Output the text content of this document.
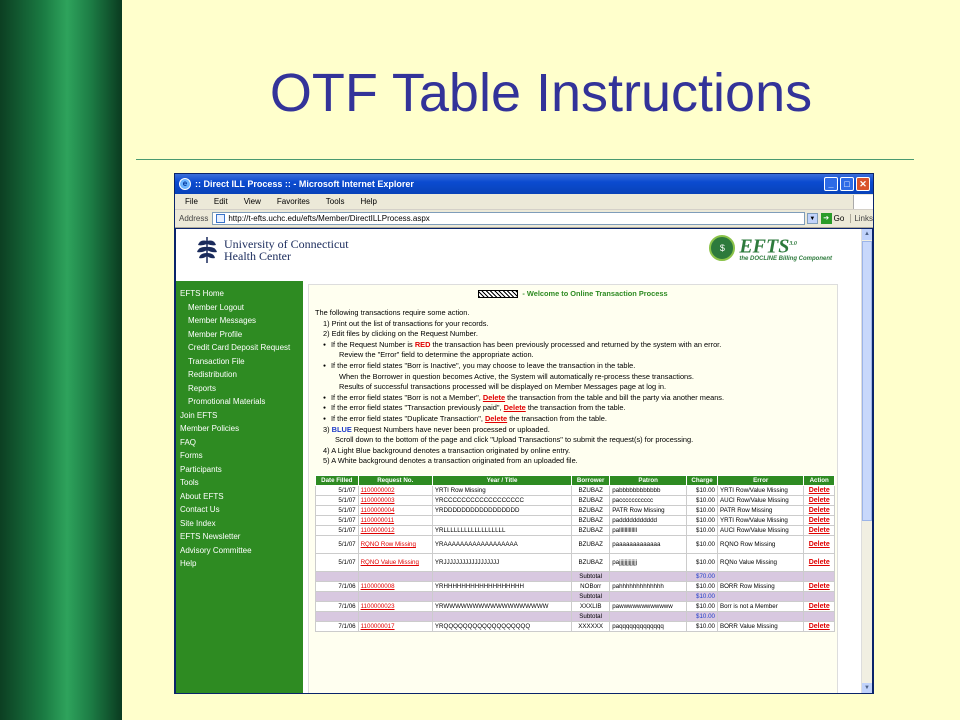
OTF Table Instructions
e :: Direct ILL Process :: - Microsoft Internet Explorer	_	□	✕
File	Edit	View	Favorites	Tools	Help
Address	http://t-efts.uchc.edu/efts/Member/DirectILLProcess.aspx	▼	➔ Go	Links
University of Connecticut
Health Center
$ $EFTS^{3.0}$
the DOCLINE Billing Component
EFTS Home
Member Logout
Member Messages
Member Profile
Credit Card Deposit Request
Transaction File
Redistribution
Reports
Promotional Materials
Join EFTS
Member Policies
FAQ
Forms
Participants
Tools
About EFTS
Contact Us
Site Index
EFTS Newsletter
Advisory Committee
Help
- Welcome to Online Transaction Process
The following transactions require some action.
1) Print out the list of transactions for your records.
2) Edit files by clicking on the Request Number.
● If the Request Number is RED the transaction has been previously processed and returned by the system with an error.
Review the "Error" field to determine the appropriate action.
● If the error field states "Borr is Inactive", you may choose to leave the transaction in the table.
When the Borrower in question becomes Active, the System will automatically re-process these transactions.
Results of successful transactions processed will be displayed on Member Messages page at log in.
● If the error field states "Borr is not a Member", Delete the transaction from the table and bill the party via another means.
● If the error field states "Transaction previously paid", Delete the transaction from the table.
● If the error field states "Duplicate Transaction", Delete the transaction from the table.
3) BLUE Request Numbers have never been processed or uploaded.
Scroll down to the bottom of the page and click "Upload Transactions" to submit the request(s) for processing.
4) A Light Blue background denotes a transaction originated by online entry.
5) A White background denotes a transaction originated from an uploaded file.
Date Filled	Request No.	Year / Title	Borrower	Patron	Charge	Error	Action
5/1/07	1100000002	YRTI Row Missing	BZUBAZ	pabbbbbbbbbbbb	$10.00	YRTI Row/Value Missing	Delete
5/1/07	1100000003	YRCCCCCCCCCCCCCCCCCC	BZUBAZ	paccccccccccc	$10.00	AUCI Row/Value Missing	Delete
5/1/07	1100000004	YRDDDDDDDDDDDDDDDDD	BZUBAZ	PATR Row Missing	$10.00	PATR Row Missing	Delete
5/1/07	1100000011		BZUBAZ	paddddddddddd	$10.00	YRTI Row/Value Missing	Delete
5/1/07	1100000012	YRLLLLLLLLLLLLLLLLLL	BZUBAZ	palllllllllllll	$10.00	AUCI Row/Value Missing	Delete
5/1/07	RQNO Row Missing	YRAAAAAAAAAAAAAAAAAA	BZUBAZ	paaaaaaaaaaaaa	$10.00	RQNO Row Missing	Delete
5/1/07	RQNO Value Missing	YRJJJJJJJJJJJJJJJJJJ	BZUBAZ	pajjjjjjjjjjjjj	$10.00	RQNo Value Missing	Delete
			Subtotal		$70.00		
7/1/06	1100000008	YRHHHHHHHHHHHHHHHHHH	NOBorr	pahhhhhhhhhhhhh	$10.00	BORR Row Missing	Delete
			Subtotal		$10.00		
7/1/06	1100000023	YRWWWWWWWWWWWWWWWWWW	XXXLIB	pawwwwwwwwwwww	$10.00	Borr is not a Member	Delete
			Subtotal		$10.00		
7/1/06	1100000017	YRQQQQQQQQQQQQQQQQQQ	XXXXXX	paqqqqqqqqqqqqq	$10.00	BORR Value Missing	Delete
▲
▼
